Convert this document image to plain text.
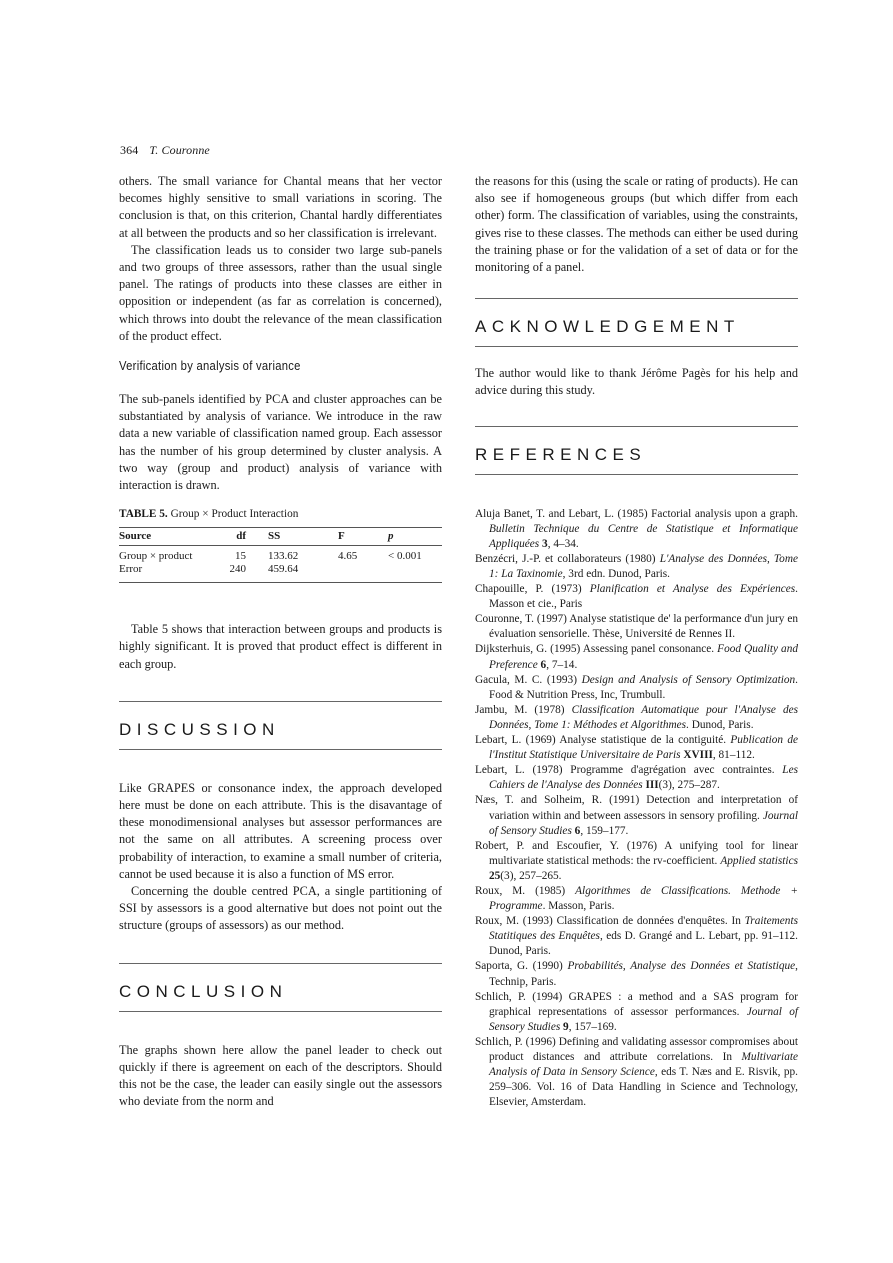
364 T. Couronne

others. The small variance for Chantal means that her vector becomes highly sensitive to small variations in scoring. The conclusion is that, on this criterion, Chantal hardly differentiates at all between the products and so her classification is irrelevant.

The classification leads us to consider two large sub-panels and two groups of three assessors, rather than the usual single panel. The ratings of products into these classes are either in opposition or independent (as far as correlation is concerned), which throws into doubt the relevance of the mean classification of the product effect.

Verification by analysis of variance

The sub-panels identified by PCA and cluster approaches can be substantiated by analysis of variance. We introduce in the raw data a new variable of classification named group. Each assessor has the number of his group determined by cluster analysis. A two way (group and product) analysis of variance with interaction is drawn.

TABLE 5. Group × Product Interaction
Source	df	SS	F	p
Group × product	15	133.62	4.65	< 0.001
Error	240	459.64		

Table 5 shows that interaction between groups and products is highly significant. It is proved that product effect is different in each group.

DISCUSSION

Like GRAPES or consonance index, the approach developed here must be done on each attribute. This is the disavantage of these monodimensional analyses but assessor performances are not the same on all attributes. A screening process over probability of interaction, to examine a small number of criteria, cannot be used because it is also a function of MS error.

Concerning the double centred PCA, a single partitioning of SSI by assessors is a good alternative but does not point out the structure (groups of assessors) as our method.

CONCLUSION

The graphs shown here allow the panel leader to check out quickly if there is agreement on each of the descriptors. Should this not be the case, the leader can easily single out the assessors who deviate from the norm and

the reasons for this (using the scale or rating of products). He can also see if homogeneous groups (but which differ from each other) form. The classification of variables, using the constraints, gives rise to these classes. The methods can either be used during the training phase or for the validation of a set of data or for the monitoring of a panel.

ACKNOWLEDGEMENT

The author would like to thank Jérôme Pagès for his help and advice during this study.

REFERENCES

Aluja Banet, T. and Lebart, L. (1985) Factorial analysis upon a graph. Bulletin Technique du Centre de Statistique et Informatique Appliquées 3, 4–34.

Benzécri, J.-P. et collaborateurs (1980) L'Analyse des Données, Tome 1: La Taxinomie, 3rd edn. Dunod, Paris.

Chapouille, P. (1973) Planification et Analyse des Expériences. Masson et cie., Paris

Couronne, T. (1997) Analyse statistique de' la performance d'un jury en évaluation sensorielle. Thèse, Université de Rennes II.

Dijksterhuis, G. (1995) Assessing panel consonance. Food Quality and Preference 6, 7–14.

Gacula, M. C. (1993) Design and Analysis of Sensory Optimization. Food & Nutrition Press, Inc, Trumbull.

Jambu, M. (1978) Classification Automatique pour l'Analyse des Données, Tome 1: Méthodes et Algorithmes. Dunod, Paris.

Lebart, L. (1969) Analyse statistique de la contiguité. Publication de l'Institut Statistique Universitaire de Paris XVIII, 81–112.

Lebart, L. (1978) Programme d'agrégation avec contraintes. Les Cahiers de l'Analyse des Données III(3), 275–287.

Næs, T. and Solheim, R. (1991) Detection and interpretation of variation within and between assessors in sensory profiling. Journal of Sensory Studies 6, 159–177.

Robert, P. and Escoufier, Y. (1976) A unifying tool for linear multivariate statistical methods: the rv-coefficient. Applied statistics 25(3), 257–265.

Roux, M. (1985) Algorithmes de Classifications. Methode + Programme. Masson, Paris.

Roux, M. (1993) Classification de données d'enquêtes. In Traitements Statitiques des Enquêtes, eds D. Grangé and L. Lebart, pp. 91–112. Dunod, Paris.

Saporta, G. (1990) Probabilités, Analyse des Données et Statistique, Technip, Paris.

Schlich, P. (1994) GRAPES : a method and a SAS program for graphical representations of assessor performances. Journal of Sensory Studies 9, 157–169.

Schlich, P. (1996) Defining and validating assessor compromises about product distances and attribute correlations. In Multivariate Analysis of Data in Sensory Science, eds T. Næs and E. Risvik, pp. 259–306. Vol. 16 of Data Handling in Science and Technology, Elsevier, Amsterdam.
